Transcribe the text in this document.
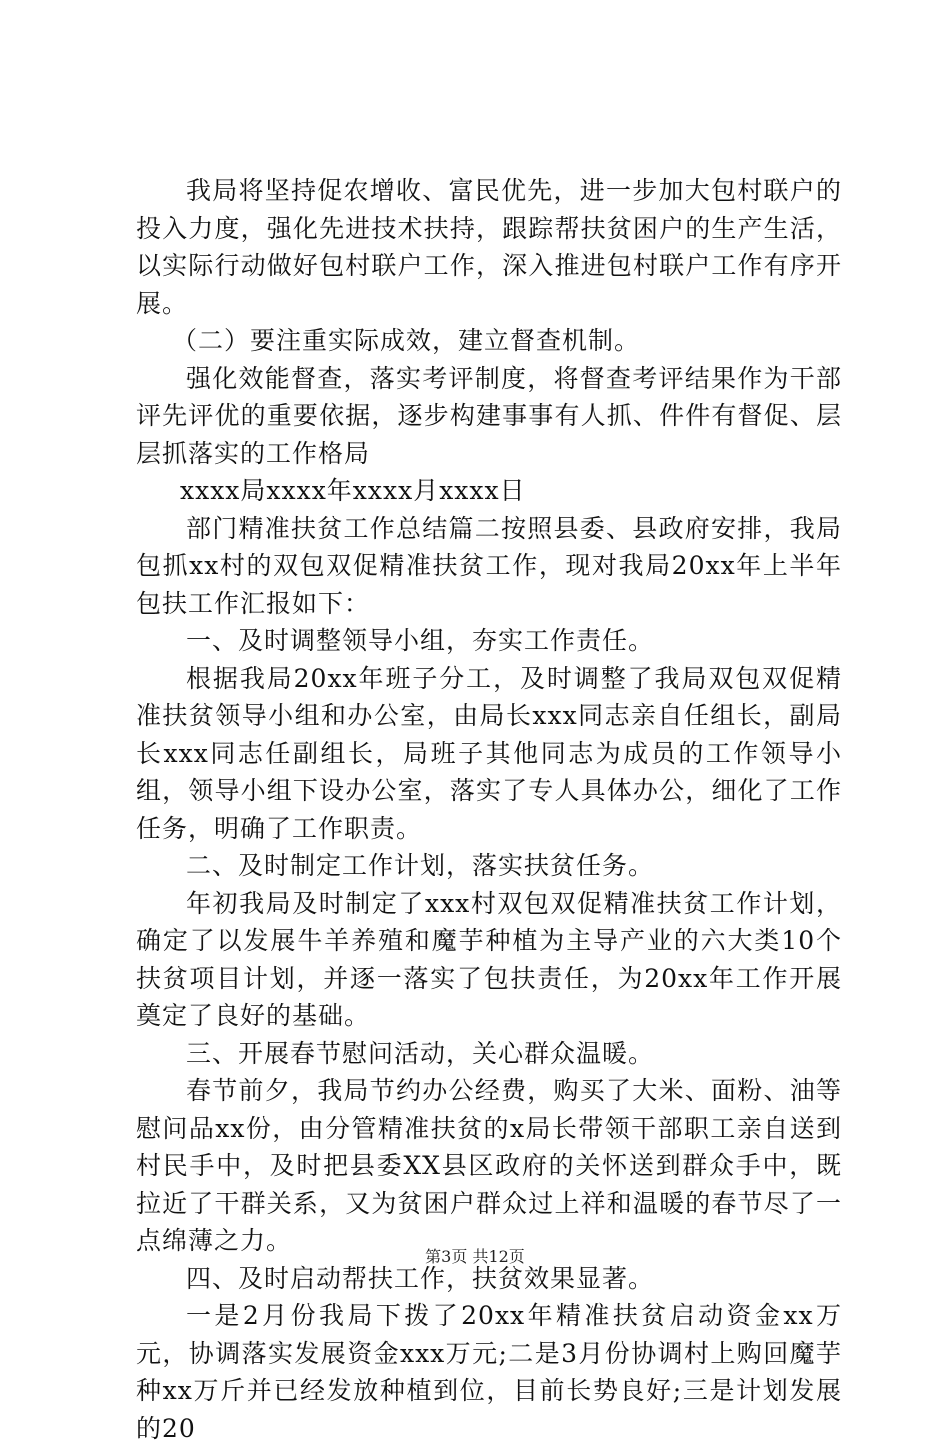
我局将坚持促农增收、富民优先，进一步加大包村联户的投入力度，强化先进技术扶持，跟踪帮扶贫困户的生产生活，以实际行动做好包村联户工作，深入推进包村联户工作有序开展。

（二）要注重实际成效，建立督查机制。

强化效能督查，落实考评制度，将督查考评结果作为干部评先评优的重要依据，逐步构建事事有人抓、件件有督促、层层抓落实的工作格局

xxxx局xxxx年xxxx月xxxx日

部门精准扶贫工作总结篇二按照县委、县政府安排，我局包抓xx村的双包双促精准扶贫工作，现对我局20xx年上半年包扶工作汇报如下：

一、及时调整领导小组，夯实工作责任。

根据我局20xx年班子分工，及时调整了我局双包双促精准扶贫领导小组和办公室，由局长xxx同志亲自任组长，副局长xxx同志任副组长，局班子其他同志为成员的工作领导小组，领导小组下设办公室，落实了专人具体办公，细化了工作任务，明确了工作职责。

二、及时制定工作计划，落实扶贫任务。

年初我局及时制定了xxx村双包双促精准扶贫工作计划，确定了以发展牛羊养殖和魔芋种植为主导产业的六大类10个扶贫项目计划，并逐一落实了包扶责任，为20xx年工作开展奠定了良好的基础。

三、开展春节慰问活动，关心群众温暖。

春节前夕，我局节约办公经费，购买了大米、面粉、油等慰问品xx份，由分管精准扶贫的x局长带领干部职工亲自送到村民手中，及时把县委XX县区政府的关怀送到群众手中，既拉近了干群关系，又为贫困户群众过上祥和温暖的春节尽了一点绵薄之力。

四、及时启动帮扶工作，扶贫效果显著。

一是2月份我局下拨了20xx年精准扶贫启动资金xx万元，协调落实发展资金xxx万元;二是3月份协调村上购回魔芋种xx万斤并已经发放种植到位，目前长势良好;三是计划发展的20

第3页 共12页
